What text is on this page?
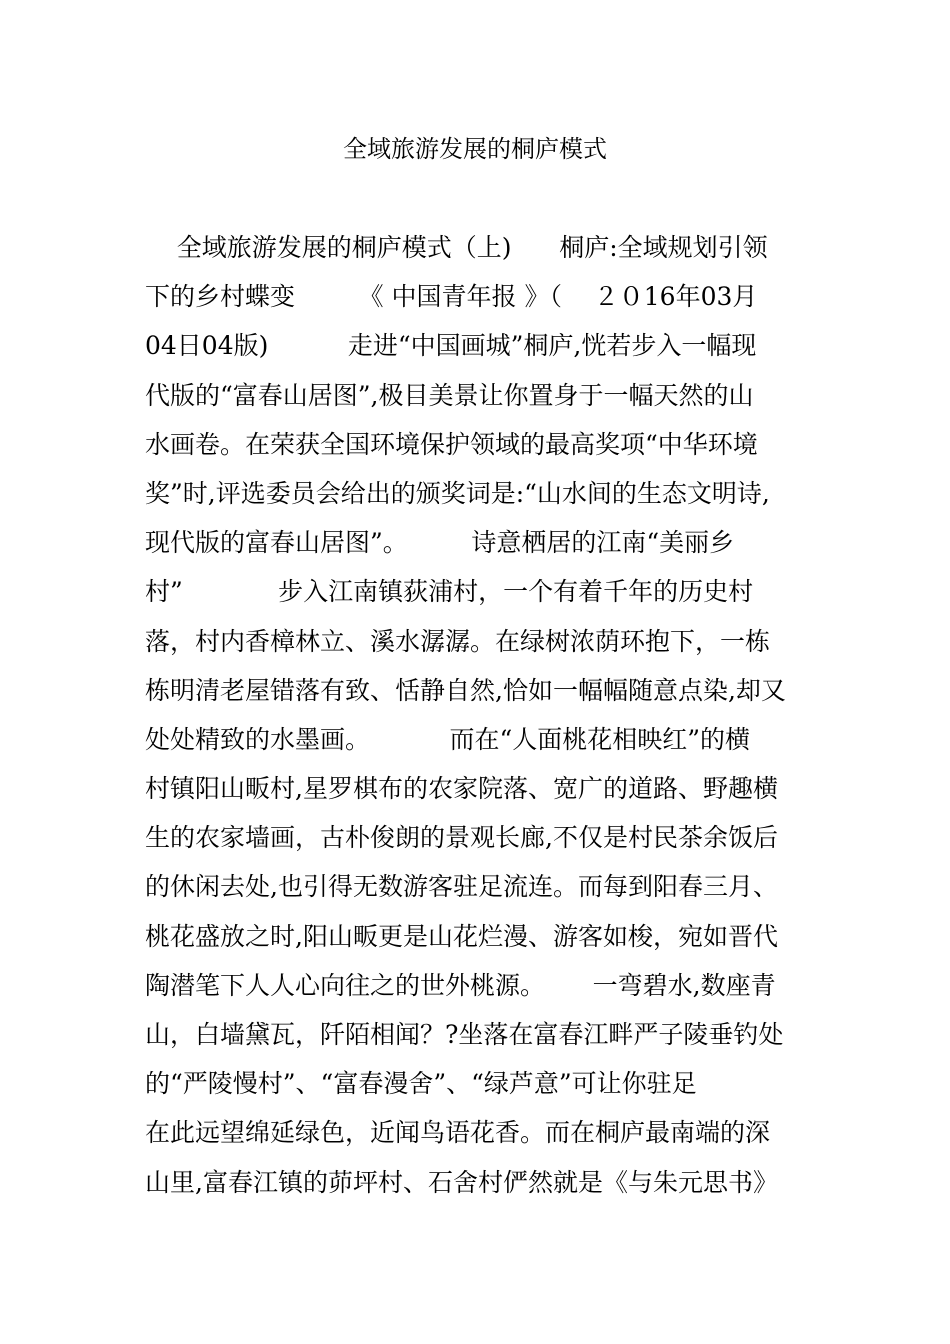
全域旅游发展的桐庐模式
全域旅游发展的桐庐模式（上)      桐庐:全域规划引领
下的乡村蝶变        《 中国青年报 》（    ２０16年03月
04日04版)          走进“中国画城”桐庐,恍若步入一幅现
代版的“富春山居图”,极目美景让你置身于一幅天然的山
水画卷。在荣获全国环境保护领域的最高奖项“中华环境
奖”时,评选委员会给出的颁奖词是:“山水间的生态文明诗,
现代版的富春山居图”。        诗意栖居的江南“美丽乡
村”            步入江南镇荻浦村，一个有着千年的历史村
落，村内香樟林立、溪水潺潺。在绿树浓荫环抱下，一栋
栋明清老屋错落有致、恬静自然,恰如一幅幅随意点染,却又
处处精致的水墨画。          而在“人面桃花相映红”的横
村镇阳山畈村,星罗棋布的农家院落、宽广的道路、野趣横
生的农家墙画，古朴俊朗的景观长廊,不仅是村民茶余饭后
的休闲去处,也引得无数游客驻足流连。而每到阳春三月、
桃花盛放之时,阳山畈更是山花烂漫、游客如梭，宛如晋代
陶潜笔下人人心向往之的世外桃源。      一弯碧水,数座青
山，白墙黛瓦，阡陌相闻？?坐落在富春江畔严子陵垂钓处
的“严陵慢村”、“富春漫舍”、“绿芦意”可让你驻足
在此远望绵延绿色，近闻鸟语花香。而在桐庐最南端的深
山里,富春江镇的茆坪村、石舍村俨然就是《与朱元思书》
